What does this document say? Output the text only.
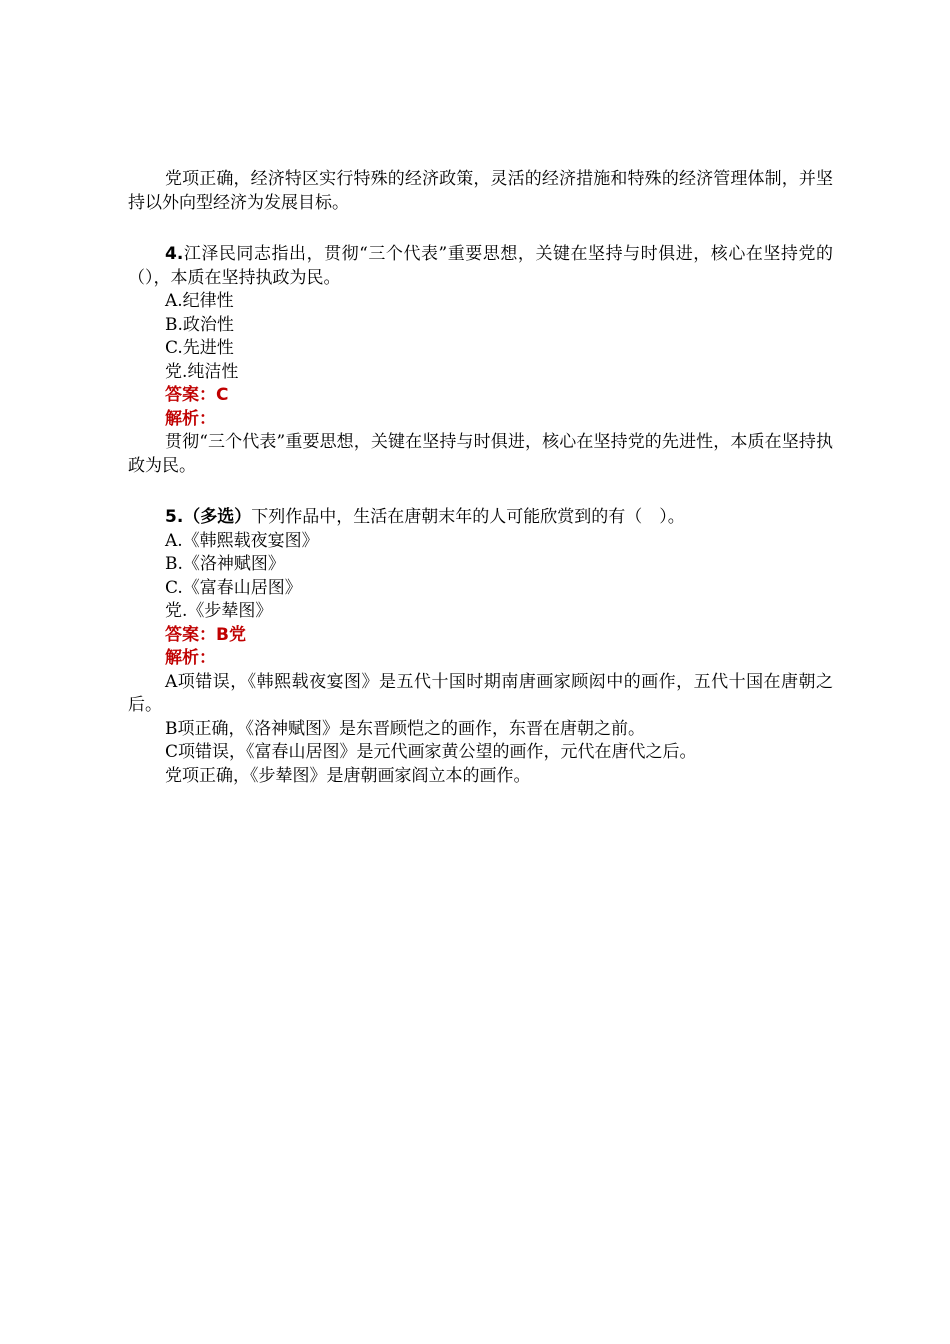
党项正确，经济特区实行特殊的经济政策，灵活的经济措施和特殊的经济管理体制，并坚持以外向型经济为发展目标。

4.江泽民同志指出，贯彻“三个代表”重要思想，关键在坚持与时俱进，核心在坚持党的（），本质在坚持执政为民。

A.纪律性

B.政治性

C.先进性

党.纯洁性

答案：C

解析：

贯彻“三个代表”重要思想，关键在坚持与时俱进，核心在坚持党的先进性，本质在坚持执政为民。

5.（多选）下列作品中，生活在唐朝末年的人可能欣赏到的有（　）。

A.《韩熙载夜宴图》

B.《洛神赋图》

C.《富春山居图》

党.《步辇图》

答案：B党

解析：

A项错误，《韩熙载夜宴图》是五代十国时期南唐画家顾闳中的画作，五代十国在唐朝之后。

B项正确，《洛神赋图》是东晋顾恺之的画作，东晋在唐朝之前。

C项错误，《富春山居图》是元代画家黄公望的画作，元代在唐代之后。

党项正确，《步辇图》是唐朝画家阎立本的画作。
